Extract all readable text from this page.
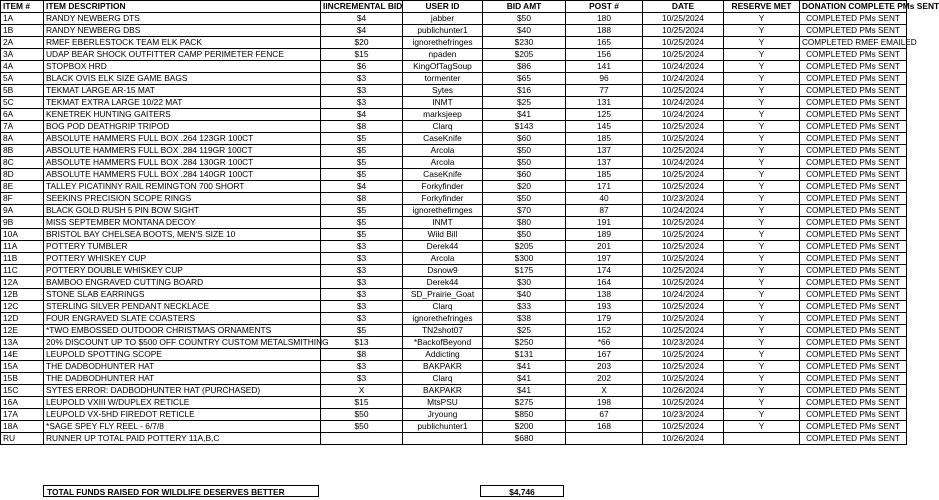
ITEM #	ITEM DESCRIPTION	IINCREMENTAL BID	USER ID	BID AMT	POST #	DATE	RESERVE MET	DONATION COMPLETE PMs SENT
1A	RANDY NEWBERG DTS	$4	jabber	$50	180	10/25/2024	Y	COMPLETED PMs SENT
1B	RANDY NEWBERG DBS	$4	publichunter1	$40	188	10/25/2024	Y	COMPLETED PMs SENT
2A	RMEF EBERLESTOCK TEAM ELK PACK	$20	ignorethefringes	$230	165	10/25/2024	Y	COMPLETED RMEF EMAILED
3A	UDAP BEAR SHOCK OUTFITTER CAMP PERIMETER FENCE	$15	npaden	$205	156	10/25/2024	Y	COMPLETED PMs SENT
4A	STOPBOX HRD	$6	KingOfTagSoup	$86	141	10/24/2024	Y	COMPLETED PMs SENT
5A	BLACK OVIS ELK SIZE GAME BAGS	$3	tormenter	$65	96	10/24/2024	Y	COMPLETED PMs SENT
5B	TEKMAT LARGE AR-15 MAT	$3	Sytes	$16	77	10/25/2024	Y	COMPLETED PMs SENT
5C	TEKMAT EXTRA LARGE 10/22 MAT	$3	INMT	$25	131	10/24/2024	Y	COMPLETED PMs SENT
6A	KENETREK HUNTING GAITERS	$4	marksjeep	$41	125	10/24/2024	Y	COMPLETED PMs SENT
7A	BOG POD DEATHGRIP TRIPOD	$8	Clarq	$143	145	10/25/2024	Y	COMPLETED PMs SENT
8A	ABSOLUTE HAMMERS FULL BOX .264 123GR 100CT	$5	CaseKnife	$60	185	10/25/2024	Y	COMPLETED PMs SENT
8B	ABSOLUTE HAMMERS FULL BOX .284 119GR 100CT	$5	Arcola	$50	137	10/25/2024	Y	COMPLETED PMs SENT
8C	ABSOLUTE HAMMERS FULL BOX .284 130GR 100CT	$5	Arcola	$50	137	10/24/2024	Y	COMPLETED PMs SENT
8D	ABSOLUTE HAMMERS FULL BOX .284 140GR 100CT	$5	CaseKnife	$60	185	10/25/2024	Y	COMPLETED PMs SENT
8E	TALLEY PICATINNY RAIL REMINGTON 700 SHORT	$4	Forkyfinder	$20	171	10/25/2024	Y	COMPLETED PMs SENT
8F	SEEKINS PRECISION SCOPE RINGS	$8	Forkyfinder	$50	40	10/23/2024	Y	COMPLETED PMs SENT
9A	BLACK GOLD RUSH 5 PIN BOW SIGHT	$5	ignorethefirnges	$70	87	10/24/2024	Y	COMPLETED PMs SENT
9B	MISS SEPTEMBER MONTANA DECOY	$5	INMT	$80	191	10/25/2024	Y	COMPLETED PMs SENT
10A	BRISTOL BAY CHELSEA BOOTS, MEN'S SIZE 10	$5	Wild Bill	$50	189	10/25/2024	Y	COMPLETED PMs SENT
11A	POTTERY TUMBLER	$3	Derek44	$205	201	10/25/2024	Y	COMPLETED PMs SENT
11B	POTTERY WHISKEY CUP	$3	Arcola	$300	197	10/25/2024	Y	COMPLETED PMs SENT
11C	POTTERY DOUBLE WHISKEY CUP	$3	Dsnow9	$175	174	10/25/2024	Y	COMPLETED PMs SENT
12A	BAMBOO ENGRAVED CUTTING BOARD	$3	Derek44	$30	164	10/25/2024	Y	COMPLETED PMs SENT
12B	STONE SLAB EARRINGS	$3	SD_Prairie_Goat	$40	138	10/24/2024	Y	COMPLETED PMs SENT
12C	STERLING SILVER PENDANT NECKLACE	$3	Clarq	$33	193	10/25/2024	Y	COMPLETED PMs SENT
12D	FOUR ENGRAVED SLATE COASTERS	$3	ignorethefringes	$38	179	10/25/2024	Y	COMPLETED PMs SENT
12E	*TWO EMBOSSED OUTDOOR CHRISTMAS ORNAMENTS	$5	TN2shot07	$25	152	10/25/2024	Y	COMPLETED PMs SENT
13A	20% DISCOUNT UP TO $500 OFF COUNTRY CUSTOM METALSMITHING	$13	*BackofBeyond	$250	*66	10/23/2024	Y	COMPLETED PMs SENT
14E	LEUPOLD SPOTTING SCOPE	$8	Addicting	$131	167	10/25/2024	Y	COMPLETED PMs SENT
15A	THE DADBODHUNTER HAT	$3	BAKPAKR	$41	203	10/25/2024	Y	COMPLETED PMs SENT
15B	THE DADBODHUNTER HAT	$3	Clarq	$41	202	10/25/2024	Y	COMPLETED PMs SENT
15C	SYTES ERROR: DADBODHUNTER HAT (PURCHASED)	X	BAKPAKR	$41	X	10/26/2024	Y	COMPLETED PMs SENT
16A	LEUPOLD VXIII W/DUPLEX RETICLE	$15	MtsPSU	$275	198	10/25/2024	Y	COMPLETED PMs SENT
17A	LEUPOLD VX-5HD FIREDOT RETICLE	$50	Jryoung	$850	67	10/23/2024	Y	COMPLETED PMs SENT
18A	*SAGE SPEY FLY REEL - 6/7/8	$50	publichunter1	$200	168	10/25/2024	Y	COMPLETED PMs SENT
RU	RUNNER UP TOTAL PAID POTTERY 11A,B,C			$680		10/26/2024		COMPLETED PMs SENT
TOTAL FUNDS RAISED FOR WILDLIFE DESERVES BETTER	$4,746
